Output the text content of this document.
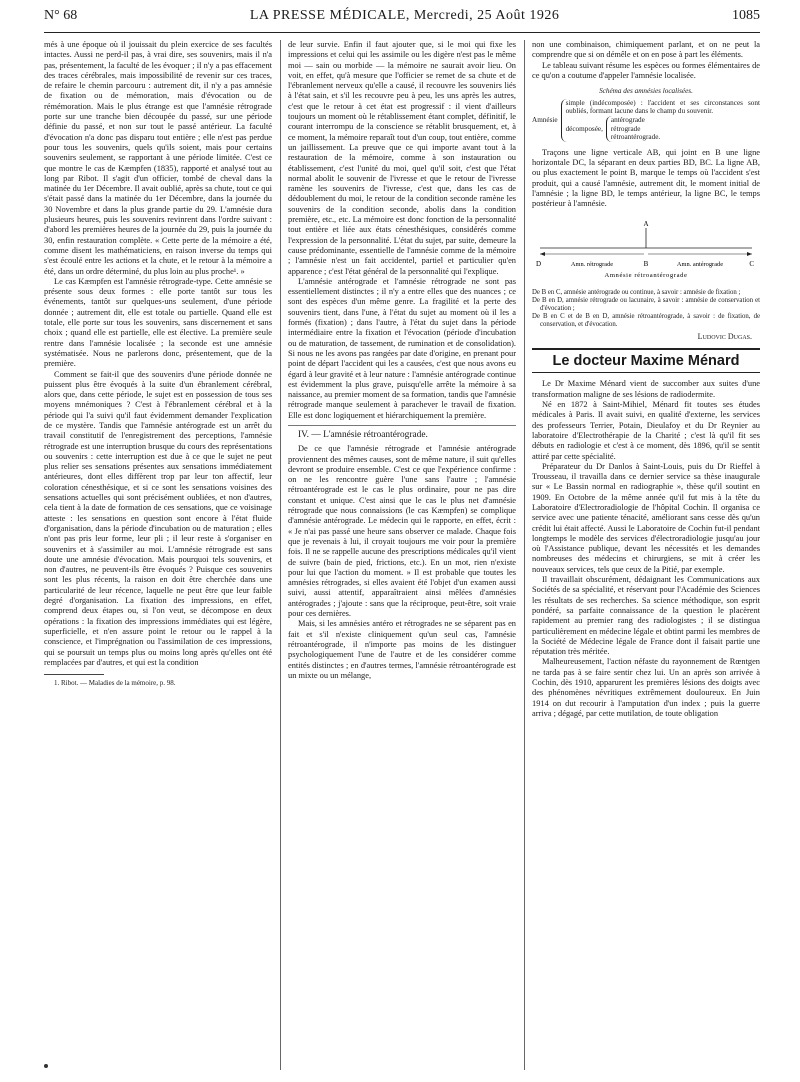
N° 68	LA PRESSE MÉDICALE, Mercredi, 25 Août 1926	1085

més à une époque où il jouissait du plein exercice de ses facultés intactes. Aussi ne perd-il pas, à vrai dire, ses souvenirs, mais il n'a pas, présentement, la faculté de les évoquer ; il n'y a pas effacement des traces cérébrales, mais impossibilité de revenir sur ces traces, de refaire le chemin parcouru : autrement dit, il n'y a pas amnésie de fixation ou de mémoration, mais d'évocation ou de rémémoration. Mais le plus étrange est que l'amnésie rétrograde porte sur une tranche bien découpée du passé, sur une période définie du passé, et non sur tout le passé antérieur. La faculté d'évocation n'a donc pas disparu tout entière ; elle n'est pas perdue pour tous les souvenirs, quels qu'ils soient, mais pour certains souvenirs seulement, se rapportant à une période limitée. C'est ce que montre le cas de Kæmpfen (1835), rapporté et analysé tout au long par Ribot. Il s'agit d'un officier, tombé de cheval dans la matinée du 1er Décembre. Il avait oublié, après sa chute, tout ce qui s'était passé dans la matinée du 1er Décembre, dans la journée du 30 Novembre et dans la plus grande partie du 29. L'amnésie dura plusieurs heures, puis les souvenirs revinrent dans l'ordre suivant : d'abord les premières heures de la journée du 29, puis la journée du 30, enfin restauration complète. « Cette perte de la mémoire a été, comme disent les mathématiciens, en raison inverse du temps qui s'est écoulé entre les actions et la chute, et le retour à la mémoire a été, dans un ordre déterminé, du plus loin au plus proche¹. »

Le cas Kæmpfen est l'amnésie rétrograde-type. Cette amnésie se présente sous deux formes : elle porte tantôt sur tous les événements, tantôt sur quelques-uns seulement, d'une période donnée ; autrement dit, elle est totale ou partielle. Quand elle est totale, elle porte sur tous les souvenirs, sans discernement et sans choix ; quand elle est partielle, elle est élective. La première seule rentre dans l'amnésie localisée ; la seconde est une amnésie systématisée. Nous ne parlerons donc, présentement, que de la première.

Comment se fait-il que des souvenirs d'une période donnée ne puissent plus être évoqués à la suite d'un ébranlement cérébral, alors que, dans cette période, le sujet est en possession de tous ses moyens mnémoniques ? C'est à l'ébranlement cérébral et à la période qui l'a suivi qu'il faut évidemment demander l'explication de ce mystère. Tandis que l'amnésie antérograde est un arrêt du travail constitutif de l'enregistrement des perceptions, l'amnésie rétrograde est une interruption brusque du cours des représentations ou souvenirs : cette interruption est due à ce que le sujet ne peut plus relier ses sensations présentes aux sensations immédiatement antérieures, dont elles diffèrent trop par leur ton affectif, leur coloration cénesthésique, et si ce sont les sensations voisines des sensations actuelles qui sont précisément oubliées, et non d'autres, cela tient à la date de formation de ces sensations, que ce voisinage atteste : les sensations en question sont encore à l'état fluide d'organisation, dans la période d'incubation ou de maturation ; elles n'ont pas pris leur forme, leur pli ; il leur reste à s'organiser en souvenirs et à s'assimiler au moi. L'amnésie rétrograde est sans doute une amnésie d'évocation. Mais pourquoi tels souvenirs, et non d'autres, ne peuvent-ils être évoqués ? Puisque ces souvenirs sont les plus récents, la raison en doit être cherchée dans une particularité de leur récence, laquelle ne peut être que leur faible degré d'organisation. La fixation des impressions, en effet, comprend deux étapes ou, si l'on veut, se décompose en deux opérations : la fixation des impressions immédiates qui est légère, superficielle, et n'en assure point le retour ou le rappel à la conscience, et l'imprégnation ou l'assimilation de ces impressions, qui se poursuit un temps plus ou moins long après qu'elles ont été remplacées par d'autres, et qui est la condition

1. Ribot. — Maladies de la mémoire, p. 98.

de leur survie. Enfin il faut ajouter que, si le moi qui fixe les impressions et celui qui les assimile ou les digère n'est pas le même moi — sain ou morbide — la mémoire ne saurait avoir lieu. On voit, en effet, qu'à mesure que l'officier se remet de sa chute et de l'ébranlement nerveux qu'elle a causé, il recouvre les souvenirs liés à l'état sain, et s'il les recouvre peu à peu, les uns après les autres, c'est que le retour à cet état est progressif : il vient d'ailleurs toujours un moment où le rétablissement étant complet, définitif, le courant interrompu de la conscience se rétablit brusquement, et, à ce moment, la mémoire reparaît tout d'un coup, tout entière, comme un jaillissement. La preuve que ce qui importe avant tout à la restauration de la mémoire, comme à son instauration ou établissement, c'est l'unité du moi, quel qu'il soit, c'est que l'état normal abolit le souvenir de l'ivresse et que le retour de l'ivresse ramène les souvenirs de l'ivresse, c'est que, dans les cas de dédoublement du moi, le retour de la condition seconde ramène les souvenirs de la condition seconde, abolis dans la condition première, etc., etc. La mémoire est donc fonction de la personnalité tout entière et liée aux états cénesthésiques, considérés comme l'expression de la personnalité. L'état du sujet, par suite, demeure la cause prédominante, essentielle de l'amnésie comme de la mémoire ; l'amnésie n'est un fait accidentel, partiel et particulier qu'en apparence ; c'est l'état général de la personnalité qui l'explique.

L'amnésie antérograde et l'amnésie rétrograde ne sont pas essentiellement distinctes ; il n'y a entre elles que des nuances ; ce sont des espèces d'un même genre. La fragilité et la perte des souvenirs tient, dans l'une, à l'état du sujet au moment où il les a formés (fixation) ; dans l'autre, à l'état du sujet dans la période intermédiaire entre la fixation et l'évocation (période d'incubation ou de maturation, de tassement, de rumination et de consolidation). Si nous ne les avons pas rangées par date d'origine, en prenant pour point de départ l'accident qui les a causées, c'est que nous avons eu égard à leur gravité et à leur nature : l'amnésie antérograde continue est évidemment la plus grave, puisqu'elle arrête la mémoire à sa naissance, au premier moment de sa formation, tandis que l'amnésie rétrograde manque seulement à parachever le travail de fixation. Elle est donc logiquement et hiérarchiquement la première.

IV. — L'amnésie rétroantérograde.

De ce que l'amnésie rétrograde et l'amnésie antérograde proviennent des mêmes causes, sont de même nature, il suit qu'elles devront se produire ensemble. C'est ce que l'expérience confirme : on ne les rencontre guère l'une sans l'autre ; l'amnésie rétroantérograde est le cas le plus ordinaire, pour ne pas dire constant et unique. C'est ainsi que le cas le plus net d'amnésie rétrograde que nous connaissions (le cas Kæmpfen) se complique d'amnésie antérograde. Le médecin qui le rapporte, en effet, écrit : « Je n'ai pas passé une heure sans observer ce malade. Chaque fois que je revenais à lui, il croyait toujours me voir pour la première fois. Il ne se rappelle aucune des prescriptions médicales qu'il vient de suivre (bain de pied, frictions, etc.). En un mot, rien n'existe pour lui que l'action du moment. » Il est probable que toutes les amnésies rétrogrades, si elles avaient été l'objet d'un examen aussi suivi, aussi attentif, apparaîtraient ainsi mêlées d'amnésies antérogrades ; j'ajoute : sans que la réciproque, peut-être, soit vraie pour ces dernières.

Mais, si les amnésies antéro et rétrogrades ne se séparent pas en fait et s'il n'existe cliniquement qu'un seul cas, l'amnésie rétroantérograde, il n'importe pas moins de les distinguer psychologiquement l'une de l'autre et de les considérer comme entités distinctes ; en d'autres termes, l'amnésie rétroantérograde est un mixte ou un mélange,

non une combinaison, chimiquement parlant, et on ne peut la comprendre que si on démêle et on en pose à part les éléments.

Le tableau suivant résume les espèces ou formes élémentaires de ce qu'on a coutume d'appeler l'amnésie localisée.

Schéma des amnésies localisées.
Amnésie
simple (indécomposée) : l'accident et ses circonstances sont oubliés, formant lacune dans le champ du souvenir.
décomposée,
antérograde
rétrograde
rétroantérograde.

Traçons une ligne verticale AB, qui joint en B une ligne horizontale DC, la séparant en deux parties BD, BC. La ligne AB, ou plus exactement le point B, marque le temps où l'accident s'est produit, qui a causé l'amnésie, autrement dit, le moment initial de l'amnésie ; la ligne BD, le temps antérieur, la ligne BC, le temps postérieur à l'amnésie.

A
D	B	C
Amn. rétrograde	Amn. antérograde
Amnésie rétroantérograde
De B en C, amnésie antérograde ou continue, à savoir : amnésie de fixation ;
De B en D, amnésie rétrograde ou lacunaire, à savoir : amnésie de conservation et d'évocation ;
De B en C et de B en D, amnésie rétroantérograde, à savoir : de fixation, de conservation, et d'évocation.
Ludovic Dugas.
Le docteur Maxime Ménard

Le Dr Maxime Ménard vient de succomber aux suites d'une transformation maligne de ses lésions de radiodermite.

Né en 1872 à Saint-Mihiel, Ménard fit toutes ses études médicales à Paris. Il avait suivi, en qualité d'externe, les services des professeurs Terrier, Potain, Dieulafoy et du Dr Reynier au laboratoire d'Electrothérapie de la Charité ; c'est là qu'il fit ses débuts en radiologie et c'est à ce moment, dès 1896, qu'il se sentit attiré par cette spécialité.

Préparateur du Dr Danlos à Saint-Louis, puis du Dr Rieffel à Trousseau, il travailla dans ce dernier service sa thèse inaugurale sur « Le Bassin normal en radiographie », thèse qu'il soutint en 1909. En Octobre de la même année qu'il fut mis à la tête du Laboratoire d'Electroradiologie de l'hôpital Cochin. Il organisa ce service avec une patiente ténacité, améliorant sans cesse dès qu'un crédit lui était affecté. Aussi le Laboratoire de Cochin fut-il pendant longtemps le modèle des services d'électroradiologie jusqu'au jour où l'Assistance publique, devant les nécessités et les demandes nombreuses des médecins et chirurgiens, se mit à créer les nouveaux services, tels que ceux de la Pitié, par exemple.

Il travaillait obscurément, dédaignant les Communications aux Sociétés de sa spécialité, et réservant pour l'Académie des Sciences les résultats de ses recherches. Sa science méthodique, son esprit pondéré, sa parfaite connaissance de la question le placèrent rapidement au premier rang des radiologistes ; il se distingua particulièrement en médecine légale et obtint parmi les membres de la Société de Médecine légale de France dont il faisait partie une réputation très méritée.

Malheureusement, l'action néfaste du rayonnement de Rœntgen ne tarda pas à se faire sentir chez lui. Un an après son arrivée à Cochin, dès 1910, apparurent les premières lésions des doigts avec des phénomènes névritiques extrêmement douloureux. En Juin 1914 on dut recourir à l'amputation d'un index ; puis la guerre arriva ; dégagé, par cette mutilation, de toute obligation
